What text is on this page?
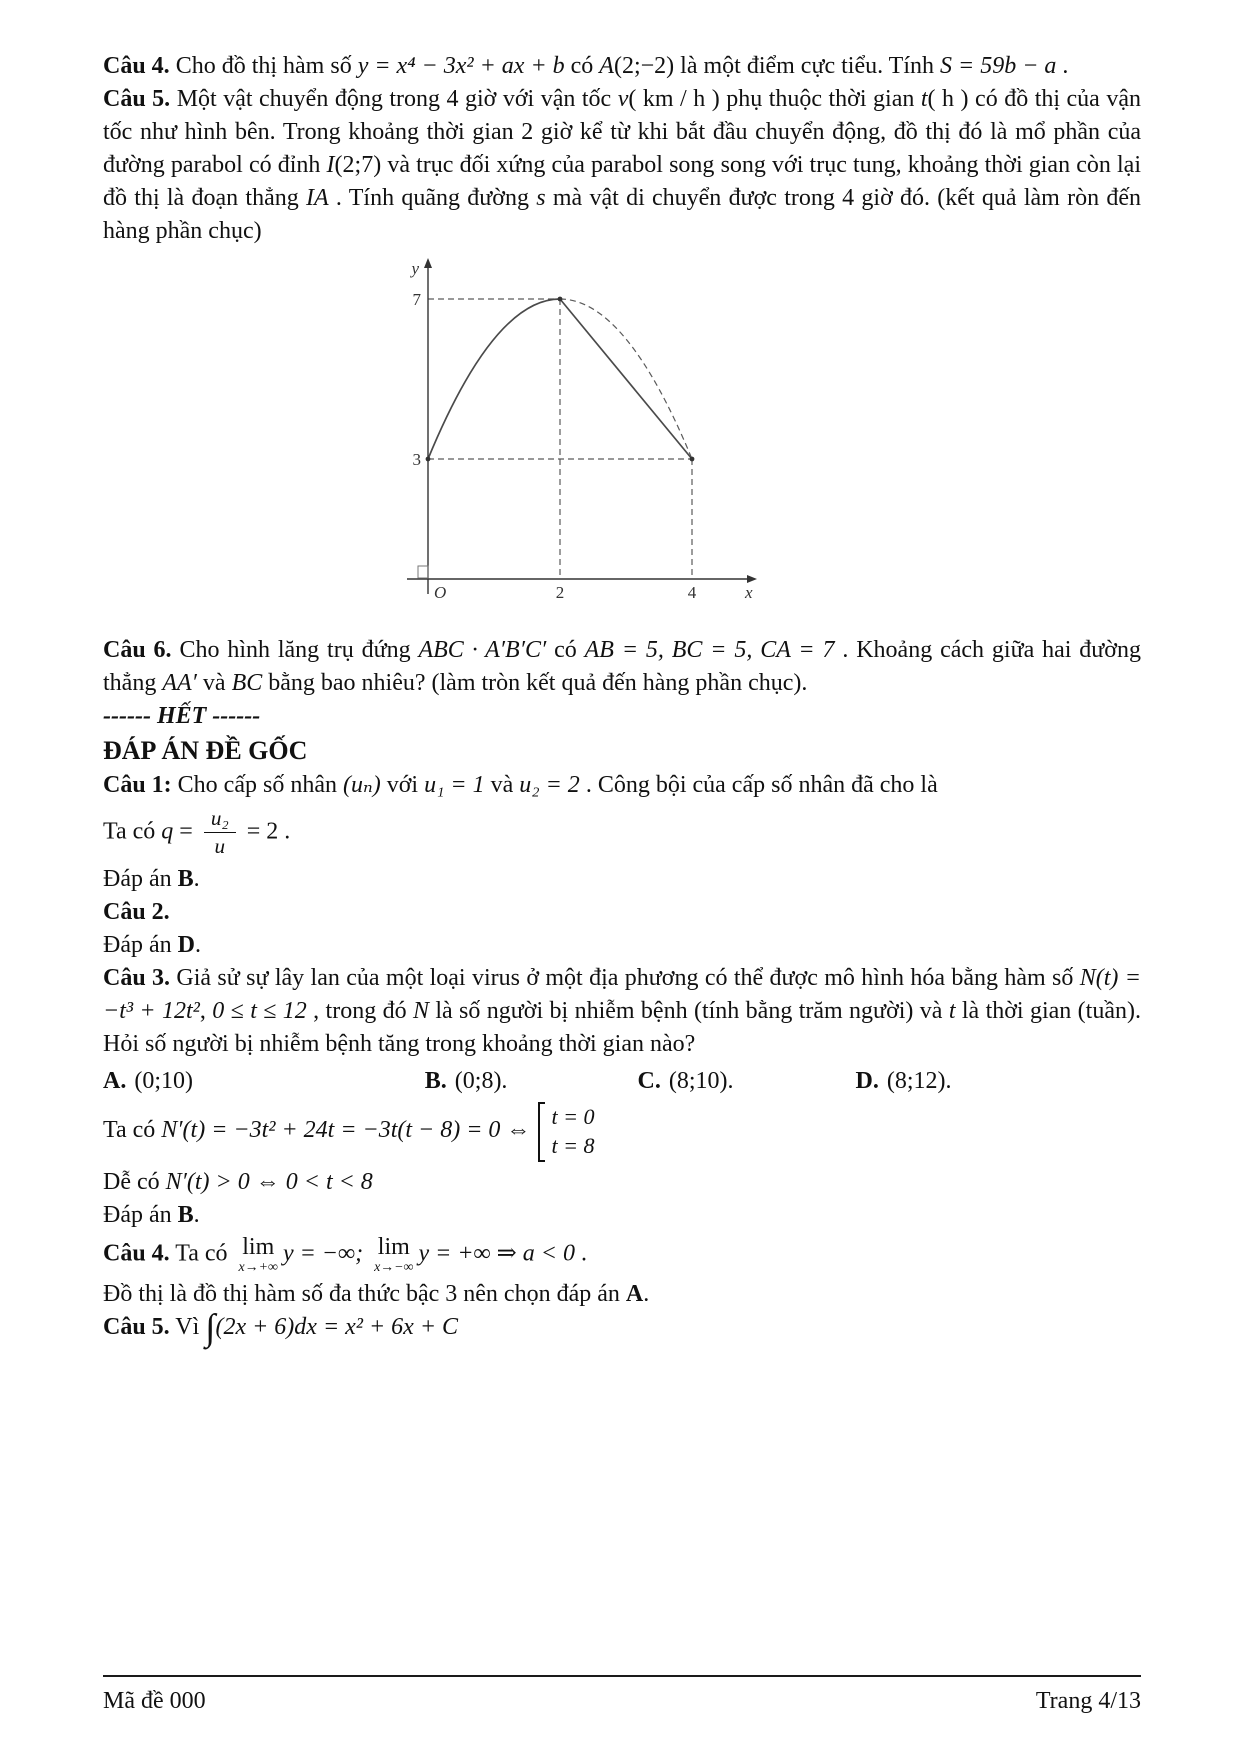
Câu 4. Cho đồ thị hàm số y = x⁴ − 3x² + ax + b có A(2;−2) là một điểm cực tiểu. Tính S = 59b − a .

Câu 5. Một vật chuyển động trong 4 giờ với vận tốc v( km / h ) phụ thuộc thời gian t( h ) có đồ thị của vận tốc như hình bên. Trong khoảng thời gian 2 giờ kể từ khi bắt đầu chuyển động, đồ thị đó là mổ phần của đường parabol có đỉnh I(2;7) và trục đối xứng của parabol song song với trục tung, khoảng thời gian còn lại đồ thị là đoạn thẳng IA . Tính quãng đường s mà vật di chuyển được trong 4 giờ đó. (kết quả làm ròn đến hàng phần chục)

y
x
7
3
2	4
O

Câu 6. Cho hình lăng trụ đứng ABC · A′B′C′ có AB = 5, BC = 5, CA = 7 . Khoảng cách giữa hai đường thẳng AA′ và BC bằng bao nhiêu? (làm tròn kết quả đến hàng phần chục).

------ HẾT ------

ĐÁP ÁN ĐỀ GỐC

Câu 1: Cho cấp số nhân (uₙ) với u₁ = 1 và u₂ = 2 . Công bội của cấp số nhân đã cho là

Ta có $q = \frac{\text{u₂}}{u} = 2$ .

Đáp án B.

Câu 2.

Đáp án D.

Câu 3. Giả sử sự lây lan của một loại virus ở một địa phương có thể được mô hình hóa bằng hàm số N(t) = −t³ + 12t², 0 ≤ t ≤ 12 , trong đó N là số người bị nhiễm bệnh (tính bằng trăm người) và t là thời gian (tuần). Hỏi số người bị nhiễm bệnh tăng trong khoảng thời gian nào?

A. (0;10)	B. (0;8).	C. (8;10).	D. (8;12).
Ta có N′(t) = −3t² + 24t = −3t(t − 8) = 0 ⇔
t = 0
t = 8

Dễ có N′(t) > 0 ⇔ 0 < t < 8

Đáp án B.

Câu 4. Ta có lim
x→+∞
y = −∞; lim
x→−∞
y = +∞ ⇒ a < 0 .

Đồ thị là đồ thị hàm số đa thức bậc 3 nên chọn đáp án A.

Câu 5. Vì ∫(2x + 6)dx = x² + 6x + C

Mã đề 000	Trang 4/13
